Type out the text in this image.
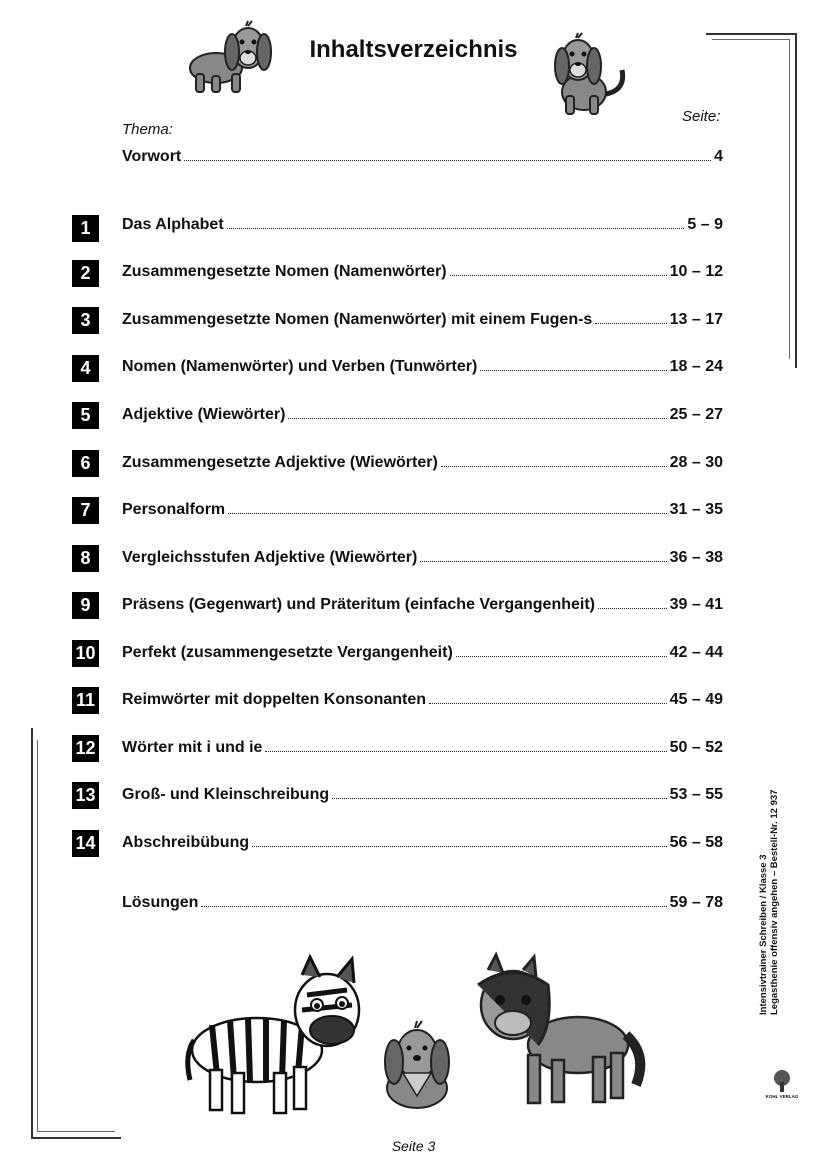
Inhaltsverzeichnis
Seite:
Thema:
Vorwort	4
1	Das Alphabet	5 – 9
2	Zusammengesetzte Nomen (Namenwörter)	10 – 12
3	Zusammengesetzte Nomen (Namenwörter) mit einem Fugen-s	13 – 17
4	Nomen (Namenwörter) und Verben (Tunwörter)	18 – 24
5	Adjektive (Wiewörter)	25 – 27
6	Zusammengesetzte Adjektive (Wiewörter)	28 – 30
7	Personalform	31 – 35
8	Vergleichsstufen Adjektive (Wiewörter)	36 – 38
9	Präsens (Gegenwart) und Präteritum (einfache Vergangenheit)	39 – 41
10 Perfekt (zusammengesetzte Vergangenheit)	42 – 44
11 Reimwörter mit doppelten Konsonanten	45 – 49
12 Wörter mit i und ie	50 – 52
13 Groß- und Kleinschreibung	53 – 55
14 Abschreibübung	56 – 58
Lösungen	59 – 78
Seite 3
Intensivtrainer Schreiben / Klasse 3 Legasthenie offensiv angehen – Bestell-Nr. 12 937
KOHL VERLAG
